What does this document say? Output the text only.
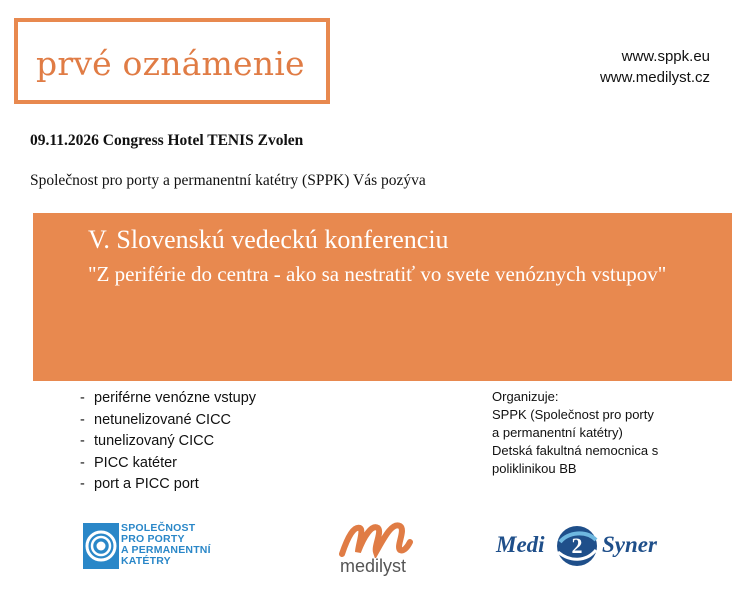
prvé oznámenie	www.sppk.eu
www.medilyst.cz
09.11.2026 Congress Hotel TENIS Zvolen
Společnost pro porty a permanentní katétry (SPPK) Vás pozýva
V. Slovenskú vedeckú konferenciu
"Z periférie do centra - ako sa nestratiť vo svete venóznych vstupov"
- periférne venózne vstupy
- netunelizované CICC
- tunelizovaný CICC
- PICC katéter
- port a PICC port
Organizuje:
SPPK (Společnost pro porty
a permanentní katétry)
Detská fakultná nemocnica s
poliklinikou BB
SPOLEČNOST
PRO PORTY
A PERMANENTNÍ
KATÉTRY	medilyst
Medi 2 Syner
